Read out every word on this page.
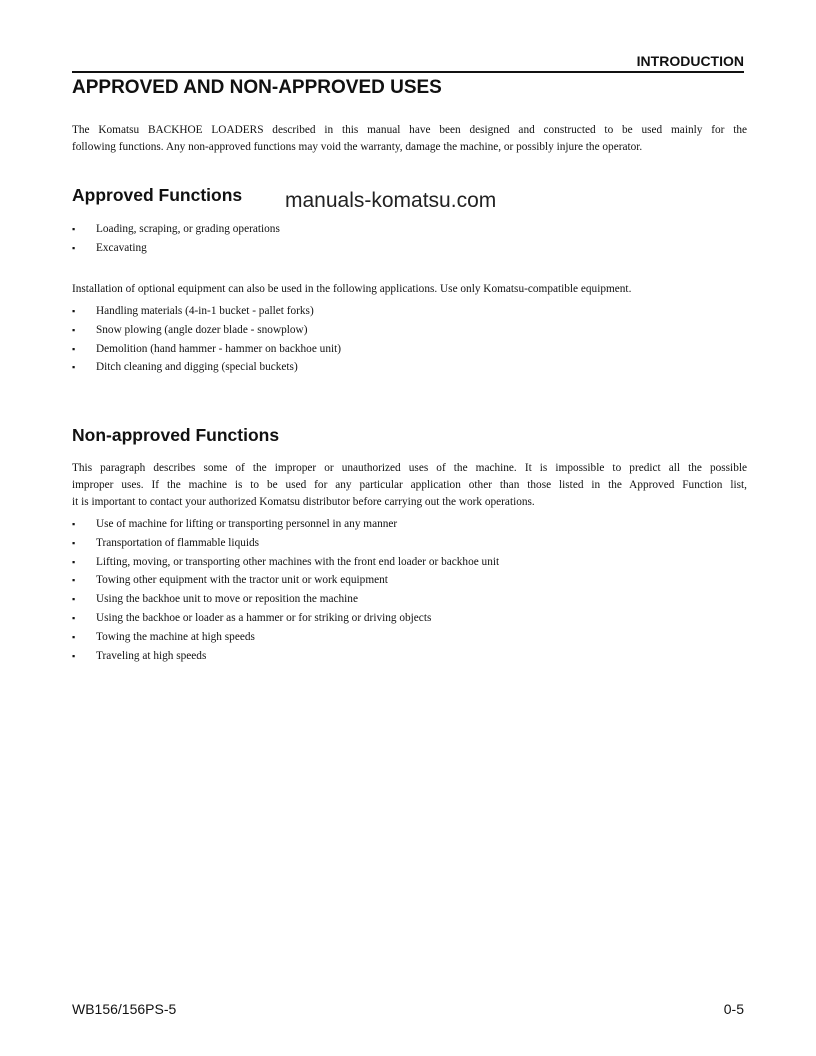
INTRODUCTION
APPROVED AND NON-APPROVED USES
The Komatsu BACKHOE LOADERS described in this manual have been designed and constructed to be used mainly for the
following functions. Any non-approved functions may void the warranty, damage the machine, or possibly injure the operator.
Approved Functions manuals-komatsu.com
▪ Loading, scraping, or grading operations
▪ Excavating
Installation of optional equipment can also be used in the following applications. Use only Komatsu-compatible equipment.
▪ Handling materials (4-in-1 bucket - pallet forks)
▪ Snow plowing (angle dozer blade - snowplow)
▪ Demolition (hand hammer - hammer on backhoe unit)
▪ Ditch cleaning and digging (special buckets)
Non-approved Functions
This paragraph describes some of the improper or unauthorized uses of the machine. It is impossible to predict all the possible
improper uses. If the machine is to be used for any particular application other than those listed in the Approved Function list,
it is important to contact your authorized Komatsu distributor before carrying out the work operations.
▪ Use of machine for lifting or transporting personnel in any manner
▪ Transportation of flammable liquids
▪ Lifting, moving, or transporting other machines with the front end loader or backhoe unit
▪ Towing other equipment with the tractor unit or work equipment
▪ Using the backhoe unit to move or reposition the machine
▪ Using the backhoe or loader as a hammer or for striking or driving objects
▪ Towing the machine at high speeds
▪ Traveling at high speeds
WB156/156PS-5	0-5
